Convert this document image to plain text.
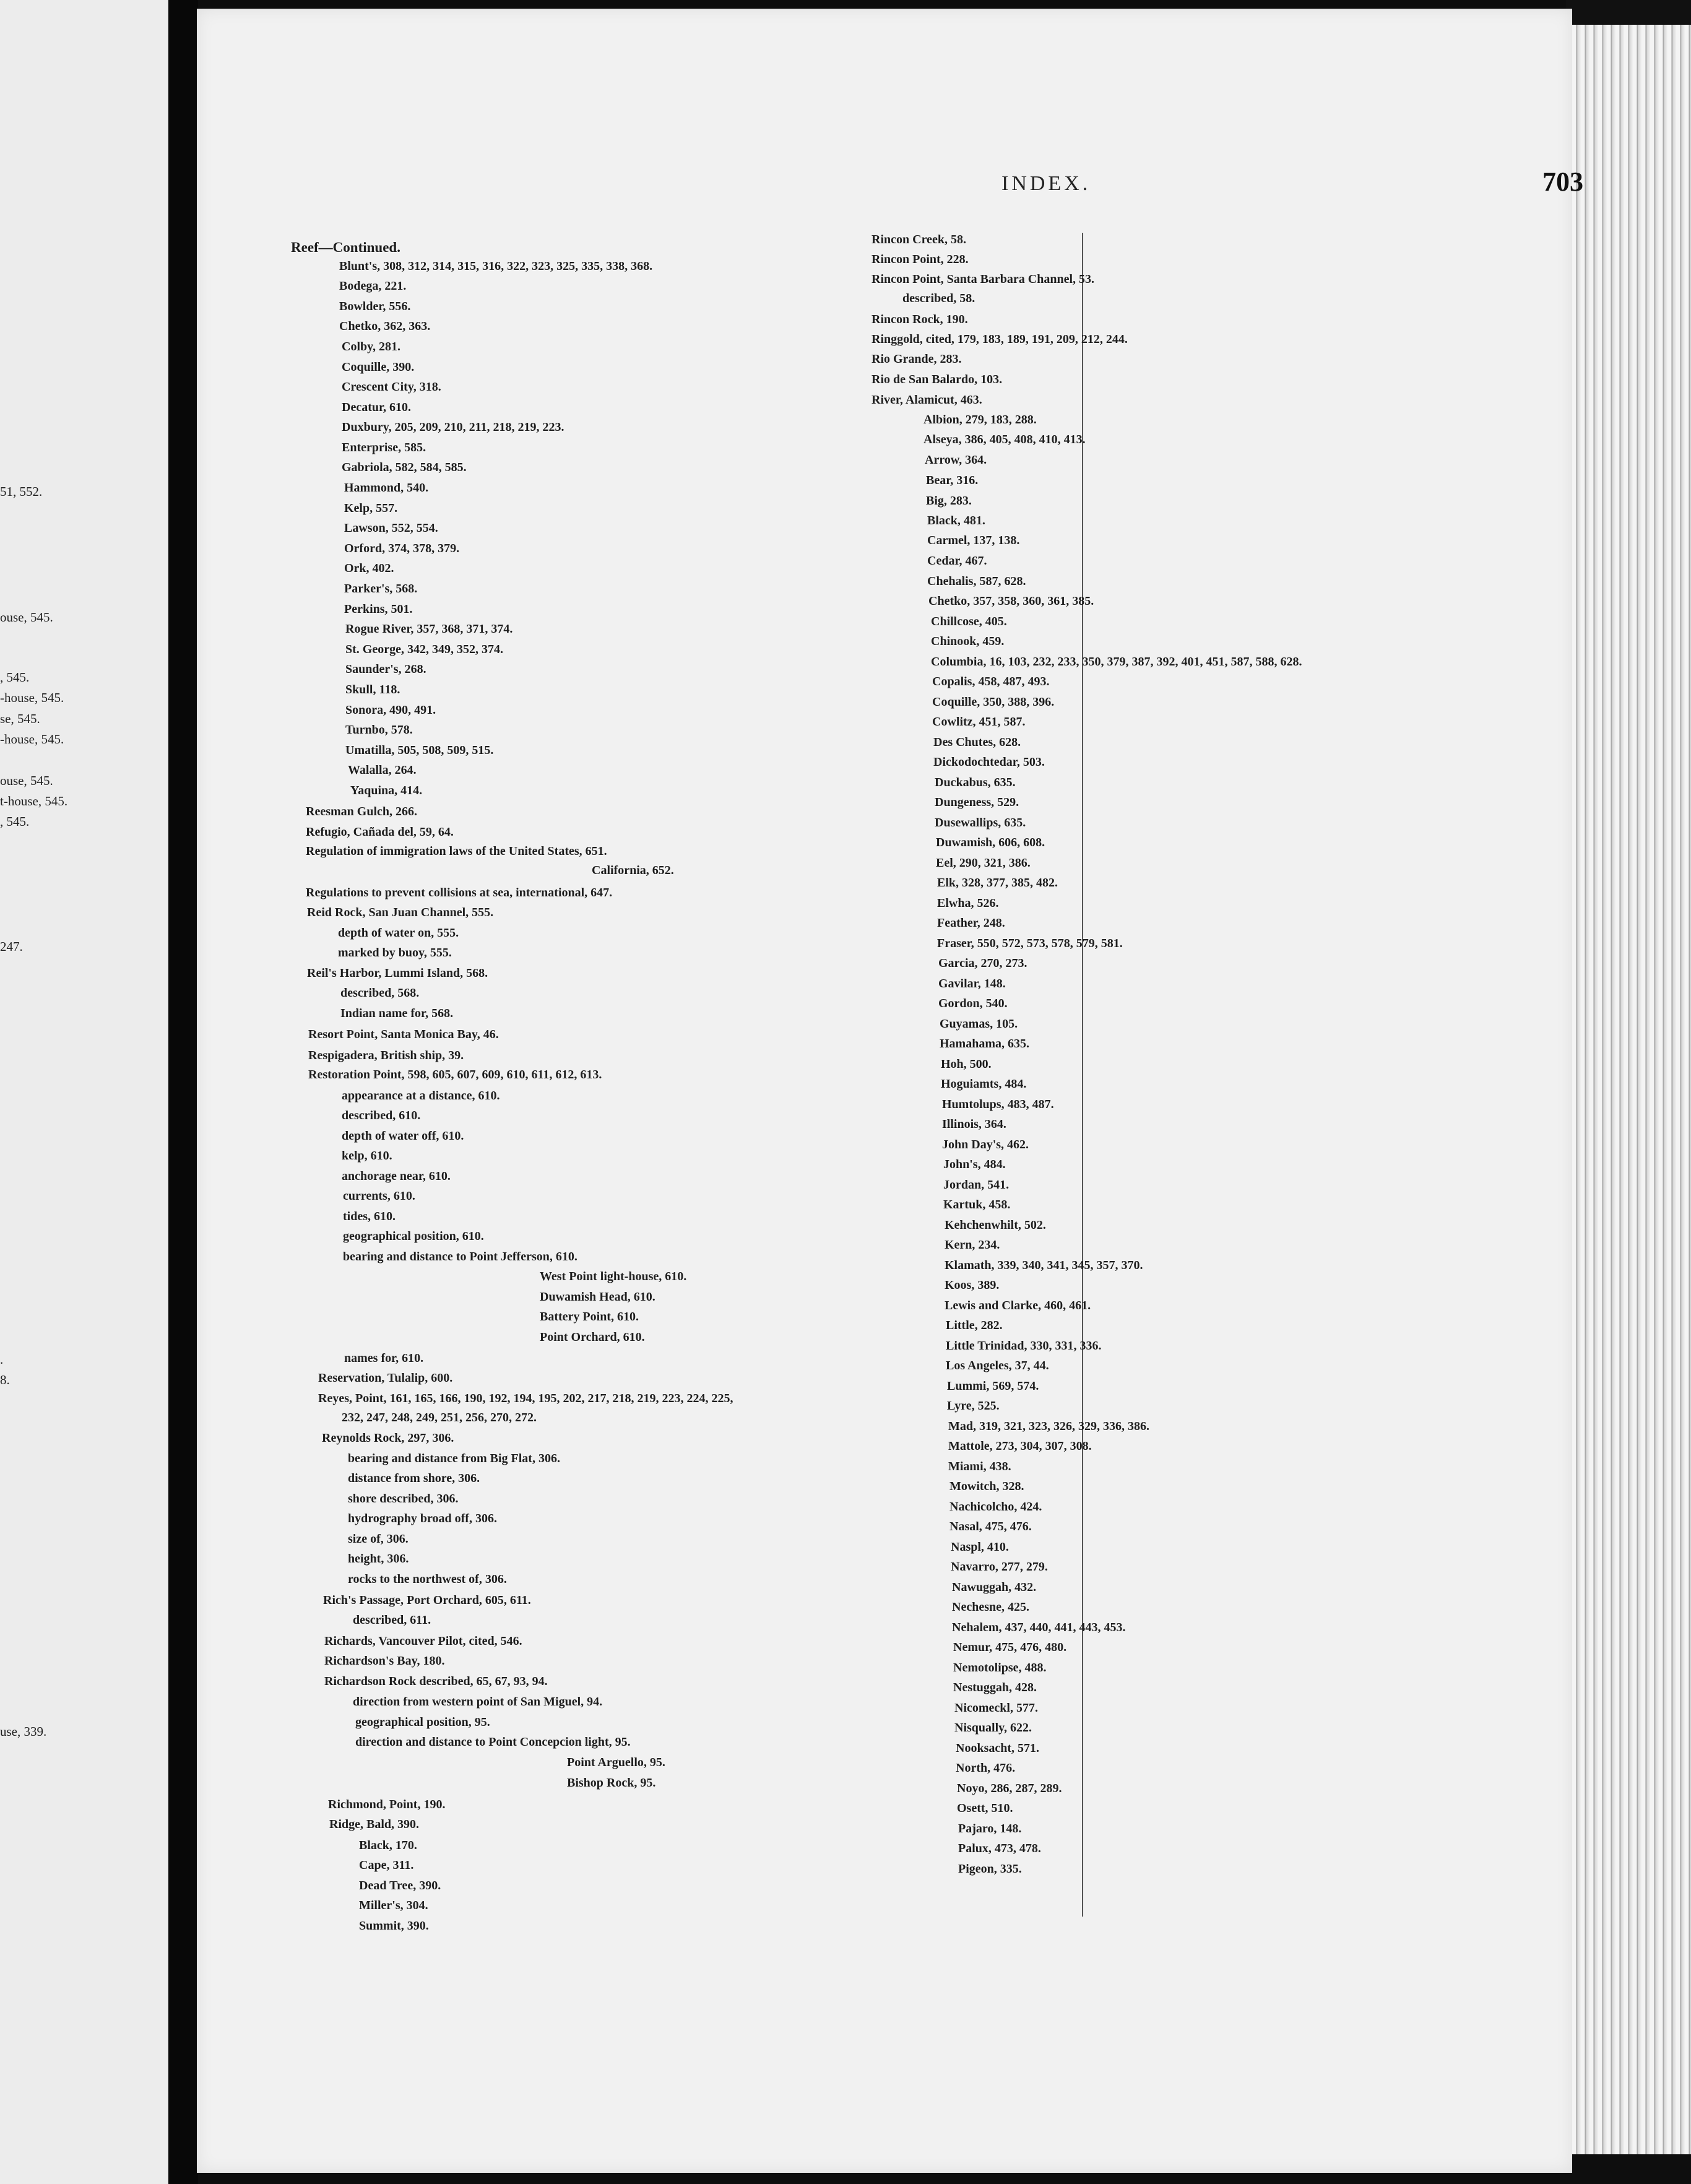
51, 552.
ouse, 545.
, 545.
-house, 545.
se, 545.
-house, 545.
ouse, 545.
t-house, 545.
, 545.
247.
.
8.
use, 339.
INDEX.	703
Reef—Continued.
Blunt's, 308, 312, 314, 315, 316, 322, 323, 325, 335, 338, 368.
Bodega, 221.
Bowlder, 556.
Chetko, 362, 363.
Colby, 281.
Coquille, 390.
Crescent City, 318.
Decatur, 610.
Duxbury, 205, 209, 210, 211, 218, 219, 223.
Enterprise, 585.
Gabriola, 582, 584, 585.
Hammond, 540.
Kelp, 557.
Lawson, 552, 554.
Orford, 374, 378, 379.
Ork, 402.
Parker's, 568.
Perkins, 501.
Rogue River, 357, 368, 371, 374.
St. George, 342, 349, 352, 374.
Saunder's, 268.
Skull, 118.
Sonora, 490, 491.
Turnbo, 578.
Umatilla, 505, 508, 509, 515.
Walalla, 264.
Yaquina, 414.
Reesman Gulch, 266.
Refugio, Cañada del, 59, 64.
Regulation of immigration laws of the United States, 651.
California, 652.
Regulations to prevent collisions at sea, international, 647.
Reid Rock, San Juan Channel, 555.
depth of water on, 555.
marked by buoy, 555.
Reil's Harbor, Lummi Island, 568.
described, 568.
Indian name for, 568.
Resort Point, Santa Monica Bay, 46.
Respigadera, British ship, 39.
Restoration Point, 598, 605, 607, 609, 610, 611, 612, 613.
appearance at a distance, 610.
described, 610.
depth of water off, 610.
kelp, 610.
anchorage near, 610.
currents, 610.
tides, 610.
geographical position, 610.
bearing and distance to Point Jefferson, 610.
West Point light-house, 610.
Duwamish Head, 610.
Battery Point, 610.
Point Orchard, 610.
names for, 610.
Reservation, Tulalip, 600.
Reyes, Point, 161, 165, 166, 190, 192, 194, 195, 202, 217, 218, 219, 223, 224, 225,
232, 247, 248, 249, 251, 256, 270, 272.
Reynolds Rock, 297, 306.
bearing and distance from Big Flat, 306.
distance from shore, 306.
shore described, 306.
hydrography broad off, 306.
size of, 306.
height, 306.
rocks to the northwest of, 306.
Rich's Passage, Port Orchard, 605, 611.
described, 611.
Richards, Vancouver Pilot, cited, 546.
Richardson's Bay, 180.
Richardson Rock described, 65, 67, 93, 94.
direction from western point of San Miguel, 94.
geographical position, 95.
direction and distance to Point Concepcion light, 95.
Point Arguello, 95.
Bishop Rock, 95.
Richmond, Point, 190.
Ridge, Bald, 390.
Black, 170.
Cape, 311.
Dead Tree, 390.
Miller's, 304.
Summit, 390.
Rincon Creek, 58.
Rincon Point, 228.
Rincon Point, Santa Barbara Channel, 53.
described, 58.
Rincon Rock, 190.
Ringgold, cited, 179, 183, 189, 191, 209, 212, 244.
Rio Grande, 283.
Rio de San Balardo, 103.
River, Alamicut, 463.
Albion, 279, 183, 288.
Alseya, 386, 405, 408, 410, 413.
Arrow, 364.
Bear, 316.
Big, 283.
Black, 481.
Carmel, 137, 138.
Cedar, 467.
Chehalis, 587, 628.
Chetko, 357, 358, 360, 361, 385.
Chillcose, 405.
Chinook, 459.
Columbia, 16, 103, 232, 233, 350, 379, 387, 392, 401, 451, 587, 588, 628.
Copalis, 458, 487, 493.
Coquille, 350, 388, 396.
Cowlitz, 451, 587.
Des Chutes, 628.
Dickodochtedar, 503.
Duckabus, 635.
Dungeness, 529.
Dusewallips, 635.
Duwamish, 606, 608.
Eel, 290, 321, 386.
Elk, 328, 377, 385, 482.
Elwha, 526.
Feather, 248.
Fraser, 550, 572, 573, 578, 579, 581.
Garcia, 270, 273.
Gavilar, 148.
Gordon, 540.
Guyamas, 105.
Hamahama, 635.
Hoh, 500.
Hoguiamts, 484.
Humtolups, 483, 487.
Illinois, 364.
John Day's, 462.
John's, 484.
Jordan, 541.
Kartuk, 458.
Kehchenwhilt, 502.
Kern, 234.
Klamath, 339, 340, 341, 345, 357, 370.
Koos, 389.
Lewis and Clarke, 460, 461.
Little, 282.
Little Trinidad, 330, 331, 336.
Los Angeles, 37, 44.
Lummi, 569, 574.
Lyre, 525.
Mad, 319, 321, 323, 326, 329, 336, 386.
Mattole, 273, 304, 307, 308.
Miami, 438.
Mowitch, 328.
Nachicolcho, 424.
Nasal, 475, 476.
Naspl, 410.
Navarro, 277, 279.
Nawuggah, 432.
Nechesne, 425.
Nehalem, 437, 440, 441, 443, 453.
Nemur, 475, 476, 480.
Nemotolipse, 488.
Nestuggah, 428.
Nicomeckl, 577.
Nisqually, 622.
Nooksacht, 571.
North, 476.
Noyo, 286, 287, 289.
Osett, 510.
Pajaro, 148.
Palux, 473, 478.
Pigeon, 335.
